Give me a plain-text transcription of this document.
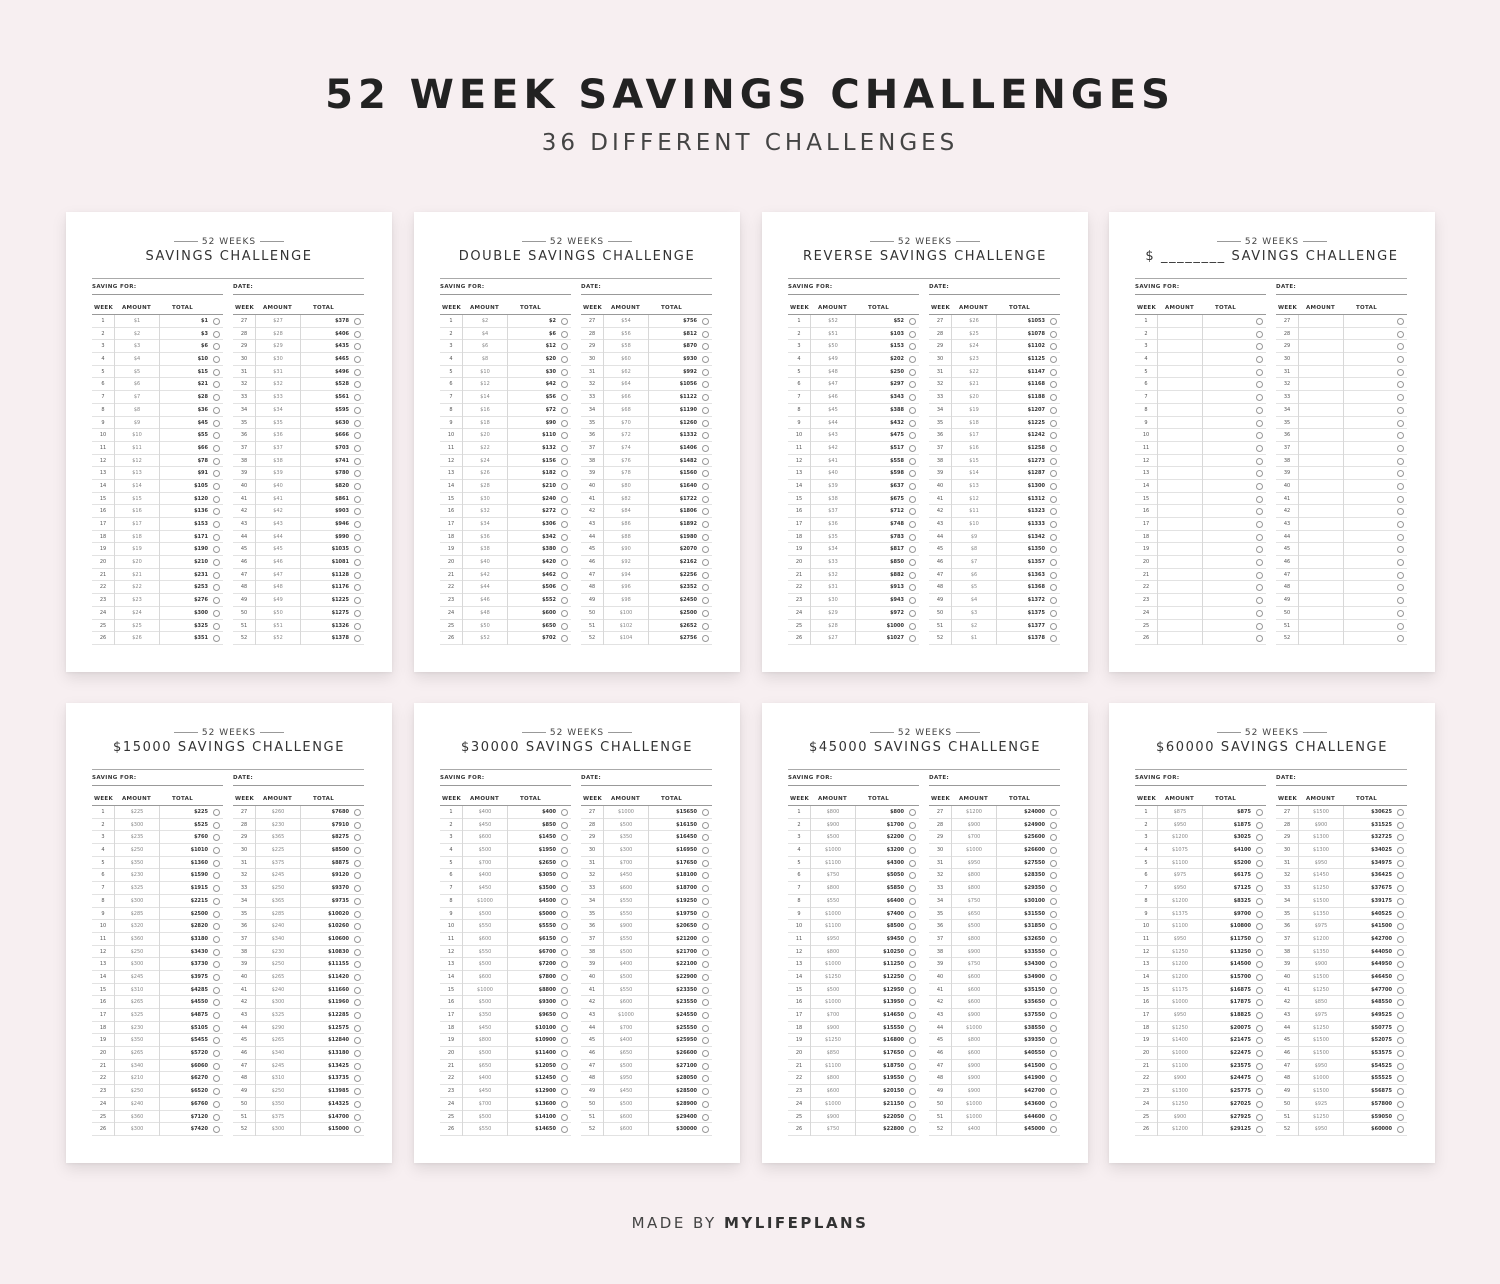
52 WEEK SAVINGS CHALLENGES
36 DIFFERENT CHALLENGES
52 WEEKS
SAVINGS CHALLENGE
SAVING FOR:	DATE:
WEEK AMOUNT	TOTAL
1	$1	$1
2	$2	$3
3	$3	$6
4	$4	$10
5	$5	$15
6	$6	$21
7	$7	$28
8	$8	$36
9	$9	$45
10	$10	$55
11	$11	$66
12	$12	$78
13	$13	$91
14	$14	$105
15	$15	$120
16	$16	$136
17	$17	$153
18	$18	$171
19	$19	$190
20	$20	$210
21	$21	$231
22	$22	$253
23	$23	$276
24	$24	$300
25	$25	$325
26	$26	$351
WEEK AMOUNT	TOTAL
27	$27	$378
28	$28	$406
29	$29	$435
30	$30	$465
31	$31	$496
32	$32	$528
33	$33	$561
34	$34	$595
35	$35	$630
36	$36	$666
37	$37	$703
38	$38	$741
39	$39	$780
40	$40	$820
41	$41	$861
42	$42	$903
43	$43	$946
44	$44	$990
45	$45	$1035
46	$46	$1081
47	$47	$1128
48	$48	$1176
49	$49	$1225
50	$50	$1275
51	$51	$1326
52	$52	$1378
52 WEEKS
DOUBLE SAVINGS CHALLENGE
SAVING FOR:	DATE:
WEEK AMOUNT	TOTAL
1	$2	$2
2	$4	$6
3	$6	$12
4	$8	$20
5	$10	$30
6	$12	$42
7	$14	$56
8	$16	$72
9	$18	$90
10	$20	$110
11	$22	$132
12	$24	$156
13	$26	$182
14	$28	$210
15	$30	$240
16	$32	$272
17	$34	$306
18	$36	$342
19	$38	$380
20	$40	$420
21	$42	$462
22	$44	$506
23	$46	$552
24	$48	$600
25	$50	$650
26	$52	$702
WEEK AMOUNT	TOTAL
27	$54	$756
28	$56	$812
29	$58	$870
30	$60	$930
31	$62	$992
32	$64	$1056
33	$66	$1122
34	$68	$1190
35	$70	$1260
36	$72	$1332
37	$74	$1406
38	$76	$1482
39	$78	$1560
40	$80	$1640
41	$82	$1722
42	$84	$1806
43	$86	$1892
44	$88	$1980
45	$90	$2070
46	$92	$2162
47	$94	$2256
48	$96	$2352
49	$98	$2450
50	$100	$2500
51	$102	$2652
52	$104	$2756
52 WEEKS
REVERSE SAVINGS CHALLENGE
SAVING FOR:	DATE:
WEEK AMOUNT	TOTAL
1	$52	$52
2	$51	$103
3	$50	$153
4	$49	$202
5	$48	$250
6	$47	$297
7	$46	$343
8	$45	$388
9	$44	$432
10	$43	$475
11	$42	$517
12	$41	$558
13	$40	$598
14	$39	$637
15	$38	$675
16	$37	$712
17	$36	$748
18	$35	$783
19	$34	$817
20	$33	$850
21	$32	$882
22	$31	$913
23	$30	$943
24	$29	$972
25	$28	$1000
26	$27	$1027
WEEK AMOUNT	TOTAL
27	$26	$1053
28	$25	$1078
29	$24	$1102
30	$23	$1125
31	$22	$1147
32	$21	$1168
33	$20	$1188
34	$19	$1207
35	$18	$1225
36	$17	$1242
37	$16	$1258
38	$15	$1273
39	$14	$1287
40	$13	$1300
41	$12	$1312
42	$11	$1323
43	$10	$1333
44	$9	$1342
45	$8	$1350
46	$7	$1357
47	$6	$1363
48	$5	$1368
49	$4	$1372
50	$3	$1375
51	$2	$1377
52	$1	$1378
52 WEEKS
$ ________ SAVINGS CHALLENGE
SAVING FOR:	DATE:
WEEK AMOUNT	TOTAL
1
2
3
4
5
6
7
8
9
10
11
12
13
14
15
16
17
18
19
20
21
22
23
24
25
26
WEEK AMOUNT	TOTAL
27
28
29
30
31
32
33
34
35
36
37
38
39
40
41
42
43
44
45
46
47
48
49
50
51
52
52 WEEKS
$15000 SAVINGS CHALLENGE
SAVING FOR:	DATE:
WEEK AMOUNT	TOTAL
1	$225	$225
2	$300	$525
3	$235	$760
4	$250	$1010
5	$350	$1360
6	$230	$1590
7	$325	$1915
8	$300	$2215
9	$285	$2500
10	$320	$2820
11	$360	$3180
12	$250	$3430
13	$300	$3730
14	$245	$3975
15	$310	$4285
16	$265	$4550
17	$325	$4875
18	$230	$5105
19	$350	$5455
20	$265	$5720
21	$340	$6060
22	$210	$6270
23	$250	$6520
24	$240	$6760
25	$360	$7120
26	$300	$7420
WEEK AMOUNT	TOTAL
27	$260	$7680
28	$230	$7910
29	$365	$8275
30	$225	$8500
31	$375	$8875
32	$245	$9120
33	$250	$9370
34	$365	$9735
35	$285	$10020
36	$240	$10260
37	$340	$10600
38	$230	$10830
39	$250	$11155
40	$265	$11420
41	$240	$11660
42	$300	$11960
43	$325	$12285
44	$290	$12575
45	$265	$12840
46	$340	$13180
47	$245	$13425
48	$310	$13735
49	$250	$13985
50	$350	$14325
51	$375	$14700
52	$300	$15000
52 WEEKS
$30000 SAVINGS CHALLENGE
SAVING FOR:	DATE:
WEEK AMOUNT	TOTAL
1	$400	$400
2	$450	$850
3	$600	$1450
4	$500	$1950
5	$700	$2650
6	$400	$3050
7	$450	$3500
8	$1000	$4500
9	$500	$5000
10	$550	$5550
11	$600	$6150
12	$550	$6700
13	$500	$7200
14	$600	$7800
15	$1000	$8800
16	$500	$9300
17	$350	$9650
18	$450	$10100
19	$800	$10900
20	$500	$11400
21	$650	$12050
22	$400	$12450
23	$450	$12900
24	$700	$13600
25	$500	$14100
26	$550	$14650
WEEK AMOUNT	TOTAL
27	$1000	$15650
28	$500	$16150
29	$350	$16450
30	$300	$16950
31	$700	$17650
32	$450	$18100
33	$600	$18700
34	$550	$19250
35	$550	$19750
36	$900	$20650
37	$550	$21200
38	$500	$21700
39	$400	$22100
40	$500	$22900
41	$550	$23350
42	$600	$23550
43	$1000	$24550
44	$700	$25550
45	$400	$25950
46	$650	$26600
47	$500	$27100
48	$950	$28050
49	$450	$28500
50	$500	$28900
51	$600	$29400
52	$600	$30000
52 WEEKS
$45000 SAVINGS CHALLENGE
SAVING FOR:	DATE:
WEEK AMOUNT	TOTAL
1	$800	$800
2	$900	$1700
3	$500	$2200
4	$1000	$3200
5	$1100	$4300
6	$750	$5050
7	$800	$5850
8	$550	$6400
9	$1000	$7400
10	$1100	$8500
11	$950	$9450
12	$800	$10250
13	$1000	$11250
14	$1250	$12250
15	$500	$12950
16	$1000	$13950
17	$700	$14650
18	$900	$15550
19	$1250	$16800
20	$850	$17650
21	$1100	$18750
22	$800	$19550
23	$600	$20150
24	$1000	$21150
25	$900	$22050
26	$750	$22800
WEEK AMOUNT	TOTAL
27	$1200	$24000
28	$900	$24900
29	$700	$25600
30	$1000	$26600
31	$950	$27550
32	$800	$28350
33	$800	$29350
34	$750	$30100
35	$650	$31550
36	$500	$31850
37	$800	$32650
38	$900	$33550
39	$750	$34300
40	$600	$34900
41	$600	$35150
42	$600	$35650
43	$900	$37550
44	$1000	$38550
45	$800	$39350
46	$600	$40550
47	$900	$41500
48	$900	$41900
49	$900	$42700
50	$1000	$43600
51	$1000	$44600
52	$400	$45000
52 WEEKS
$60000 SAVINGS CHALLENGE
SAVING FOR:	DATE:
WEEK AMOUNT	TOTAL
1	$875	$875
2	$950	$1875
3	$1200	$3025
4	$1075	$4100
5	$1100	$5200
6	$975	$6175
7	$950	$7125
8	$1200	$8325
9	$1375	$9700
10	$1100	$10800
11	$950	$11750
12	$1250	$13250
13	$1200	$14500
14	$1200	$15700
15	$1175	$16875
16	$1000	$17875
17	$950	$18825
18	$1250	$20075
19	$1400	$21475
20	$1000	$22475
21	$1100	$23575
22	$900	$24475
23	$1300	$25775
24	$1250	$27025
25	$900	$27925
26	$1200	$29125
WEEK AMOUNT	TOTAL
27	$1500	$30625
28	$900	$31525
29	$1300	$32725
30	$1300	$34025
31	$950	$34975
32	$1450	$36425
33	$1250	$37675
34	$1500	$39175
35	$1350	$40525
36	$975	$41500
37	$1200	$42700
38	$1350	$44050
39	$900	$44950
40	$1500	$46450
41	$1250	$47700
42	$850	$48550
43	$975	$49525
44	$1250	$50775
45	$1500	$52075
46	$1500	$53575
47	$950	$54525
48	$1000	$55525
49	$1500	$56875
50	$925	$57800
51	$1250	$59050
52	$950	$60000
MADE BY MYLIFEPLANS
